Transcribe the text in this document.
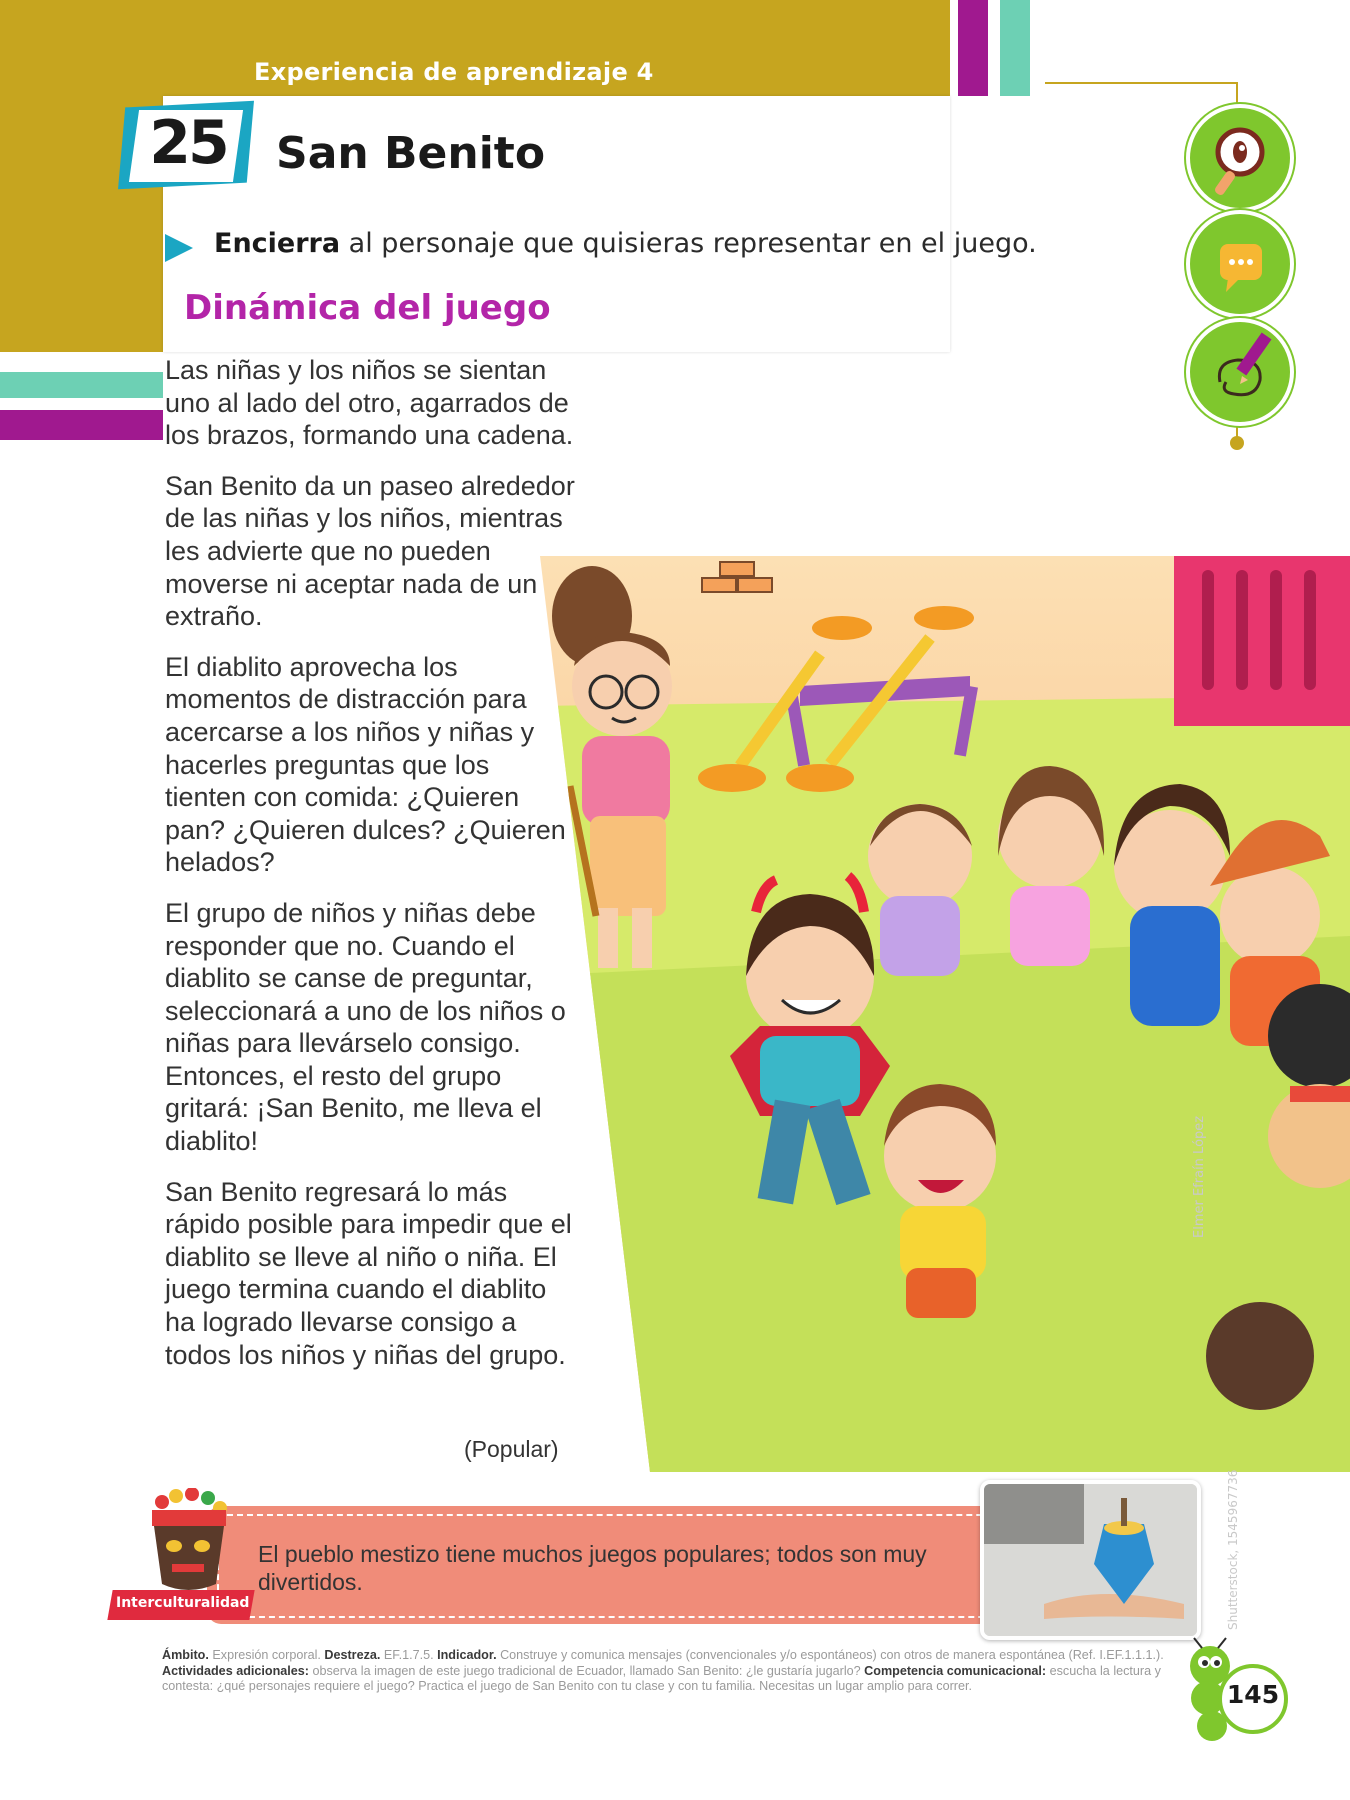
Experiencia de aprendizaje 4
25 San Benito
Encierra al personaje que quisieras representar en el juego.
Dinámica del juego

Las niñas y los niños se sientan uno al lado del otro, agarrados de los brazos, formando una cadena.

San Benito da un paseo alrededor de las niñas y los niños, mientras les advierte que no pueden moverse ni aceptar nada de un extraño.

El diablito aprovecha los momentos de distracción para acercarse a los niños y niñas y hacerles preguntas que los tienten con comida: ¿Quieren pan? ¿Quieren dulces? ¿Quieren helados?

El grupo de niños y niñas debe responder que no. Cuando el diablito se canse de preguntar, seleccionará a uno de los niños o niñas para llevárselo consigo. Entonces, el resto del grupo gritará: ¡San Benito, me lleva el diablito!

San Benito regresará lo más rápido posible para impedir que el diablito se lleve al niño o niña. El juego termina cuando el diablito ha logrado llevarse consigo a todos los niños y niñas del grupo.

(Popular)
Elmer Efraín López
El pueblo mestizo tiene muchos juegos populares; todos son muy divertidos.	Shutterstock, 1545967736
Interculturalidad
Ámbito. Expresión corporal. Destreza. EF.1.7.5. Indicador. Construye y comunica mensajes (convencionales y/o espontáneos) con otros de manera espontánea (Ref. I.EF.1.1.1.). Actividades adicionales: observa la imagen de este juego tradicional de Ecuador, llamado San Benito: ¿le gustaría jugarlo? Competencia comunicacional: escucha la lectura y contesta: ¿qué personajes requiere el juego? Practica el juego de San Benito con tu clase y con tu familia. Necesitas un lugar amplio para correr.	145
